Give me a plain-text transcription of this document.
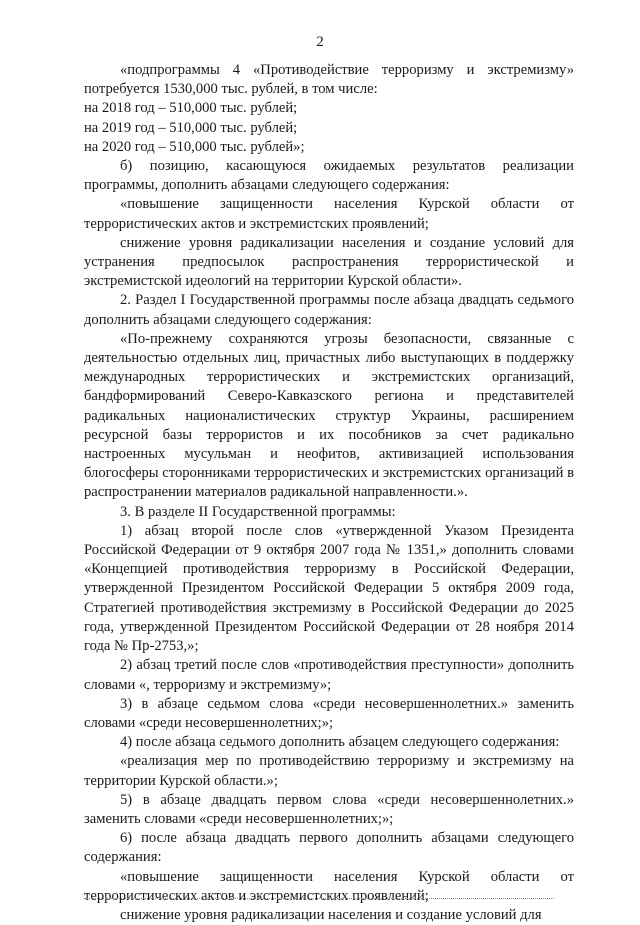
2

«подпрограммы 4 «Противодействие терроризму и экстремизму» потребуется 1530,000 тыс. рублей, в том числе:

на 2018 год – 510,000 тыс. рублей;

на 2019 год – 510,000 тыс. рублей;

на 2020 год – 510,000 тыс. рублей»;

б) позицию, касающуюся ожидаемых результатов реализации программы, дополнить абзацами следующего содержания:

«повышение защищенности населения Курской области от террористических актов и экстремистских проявлений;

снижение уровня радикализации населения и создание условий для устранения предпосылок распространения террористической и экстремистской идеологий на территории Курской области».

2. Раздел I Государственной программы после абзаца двадцать седьмого дополнить абзацами следующего содержания:

«По-прежнему сохраняются угрозы безопасности, связанные с деятельностью отдельных лиц, причастных либо выступающих в поддержку международных террористических и экстремистских организаций, бандформирований Северо-Кавказского региона и представителей радикальных националистических структур Украины, расширением ресурсной базы террористов и их пособников за счет радикально настроенных мусульман и неофитов, активизацией использования блогосферы сторонниками террористических и экстремистских организаций в распространении материалов радикальной направленности.».

3. В разделе II Государственной программы:

1) абзац второй после слов «утвержденной Указом Президента Российской Федерации от 9 октября 2007 года № 1351,» дополнить словами «Концепцией противодействия терроризму в Российской Федерации, утвержденной Президентом Российской Федерации 5 октября 2009 года, Стратегией противодействия экстремизму в Российской Федерации до 2025 года, утвержденной Президентом Российской Федерации от 28 ноября 2014 года № Пр-2753,»;

2) абзац третий после слов «противодействия преступности» дополнить словами «, терроризму и экстремизму»;

3) в абзаце седьмом слова «среди несовершеннолетних.» заменить словами «среди несовершеннолетних;»;

4) после абзаца седьмого дополнить абзацем следующего содержания:

«реализация мер по противодействию терроризму и экстремизму на территории Курской области.»;

5) в абзаце двадцать первом слова «среди несовершеннолетних.» заменить словами «среди несовершеннолетних;»;

6) после абзаца двадцать первого дополнить абзацами следующего содержания:

«повышение защищенности населения Курской области от террористических актов и экстремистских проявлений;

снижение уровня радикализации населения и создание условий для
